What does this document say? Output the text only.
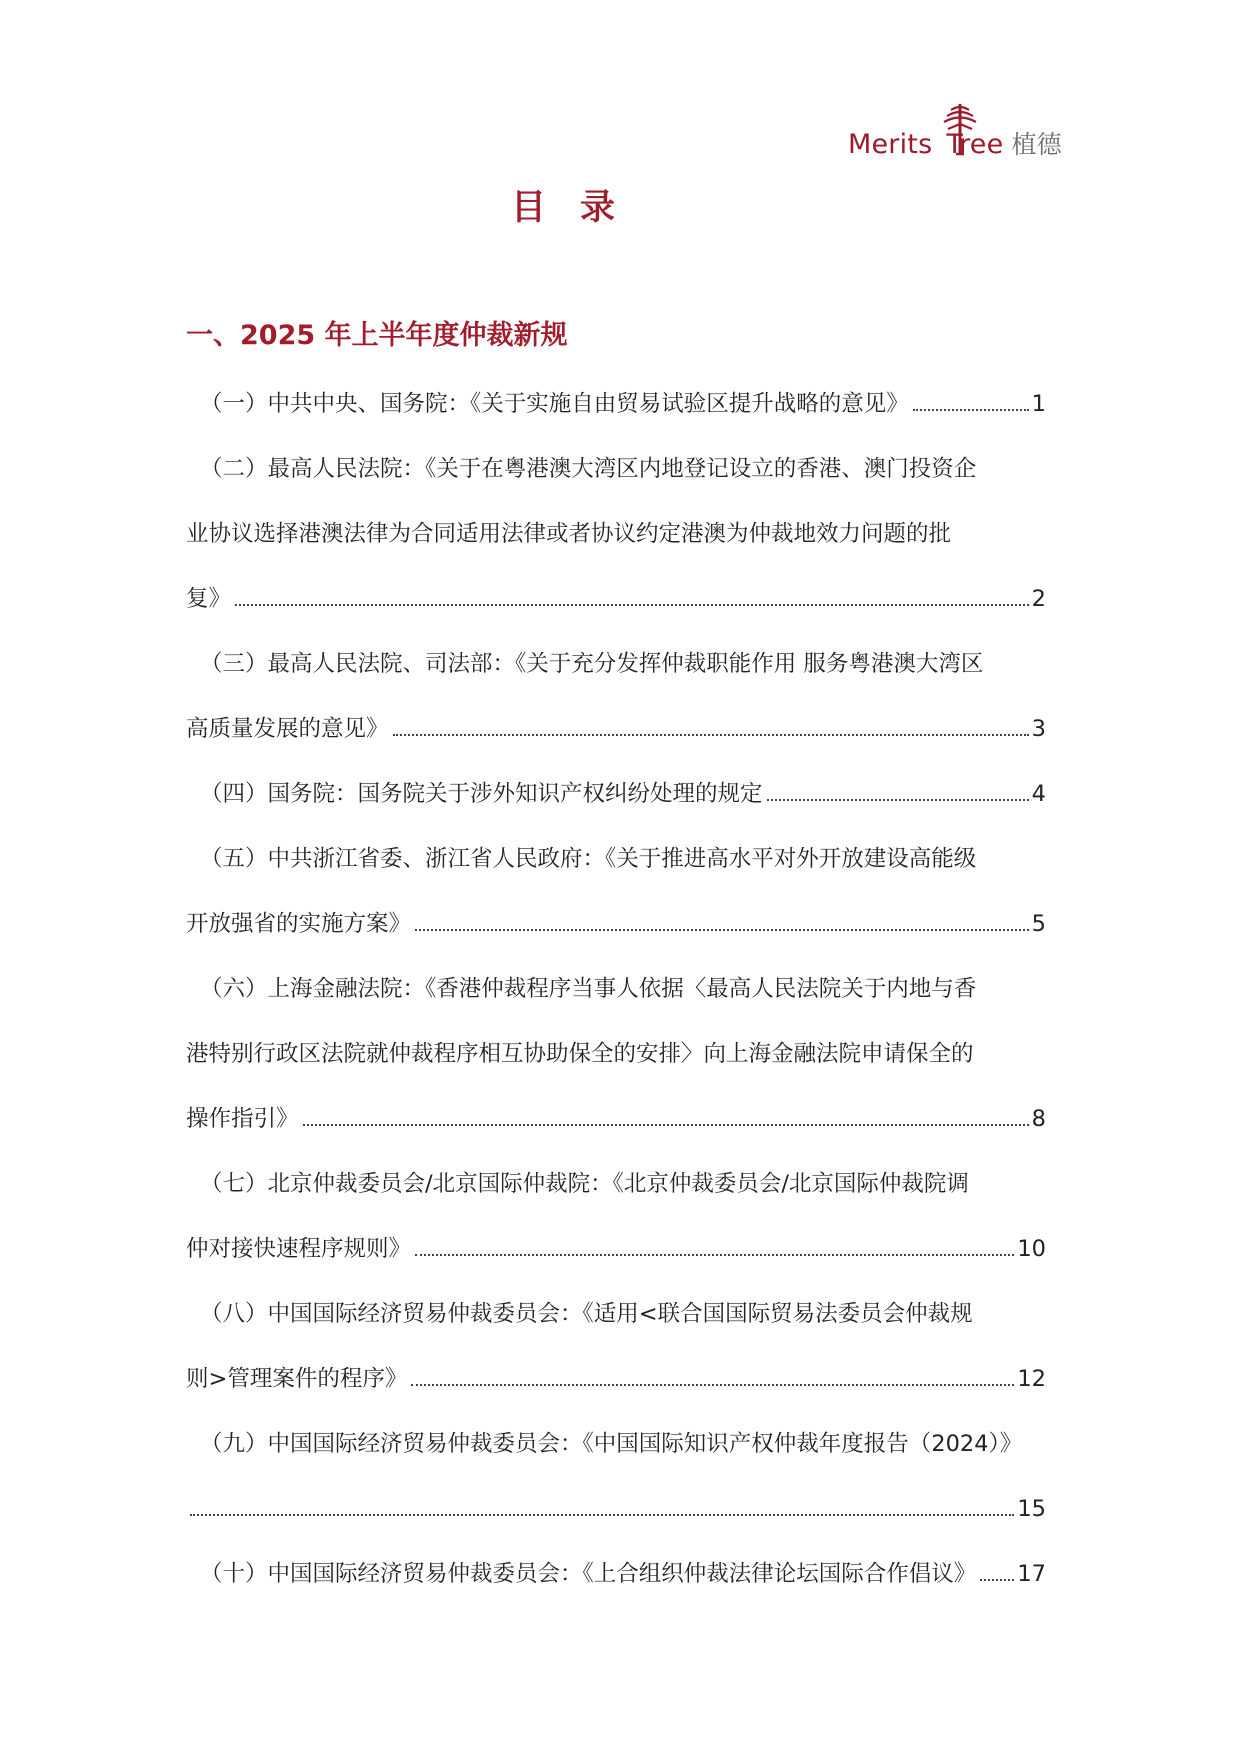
Merits Tree 植德
目录
一、2025 年上半年度仲裁新规
（一）中共中央、国务院：《关于实施自由贸易试验区提升战略的意见》	1
（二）最高人民法院：《关于在粤港澳大湾区内地登记设立的香港、澳门投资企
业协议选择港澳法律为合同适用法律或者协议约定港澳为仲裁地效力问题的批
复》	2
（三）最高人民法院、司法部：《关于充分发挥仲裁职能作用 服务粤港澳大湾区
高质量发展的意见》	3
（四）国务院：国务院关于涉外知识产权纠纷处理的规定	4
（五）中共浙江省委、浙江省人民政府：《关于推进高水平对外开放建设高能级
开放强省的实施方案》	5
（六）上海金融法院：《香港仲裁程序当事人依据〈最高人民法院关于内地与香
港特别行政区法院就仲裁程序相互协助保全的安排〉向上海金融法院申请保全的
操作指引》	8
（七）北京仲裁委员会/北京国际仲裁院：《北京仲裁委员会/北京国际仲裁院调
仲对接快速程序规则》	10
（八）中国国际经济贸易仲裁委员会：《适用<联合国国际贸易法委员会仲裁规
则>管理案件的程序》	12
（九）中国国际经济贸易仲裁委员会：《中国国际知识产权仲裁年度报告（2024）》
15
（十）中国国际经济贸易仲裁委员会：《上合组织仲裁法律论坛国际合作倡议》 17
